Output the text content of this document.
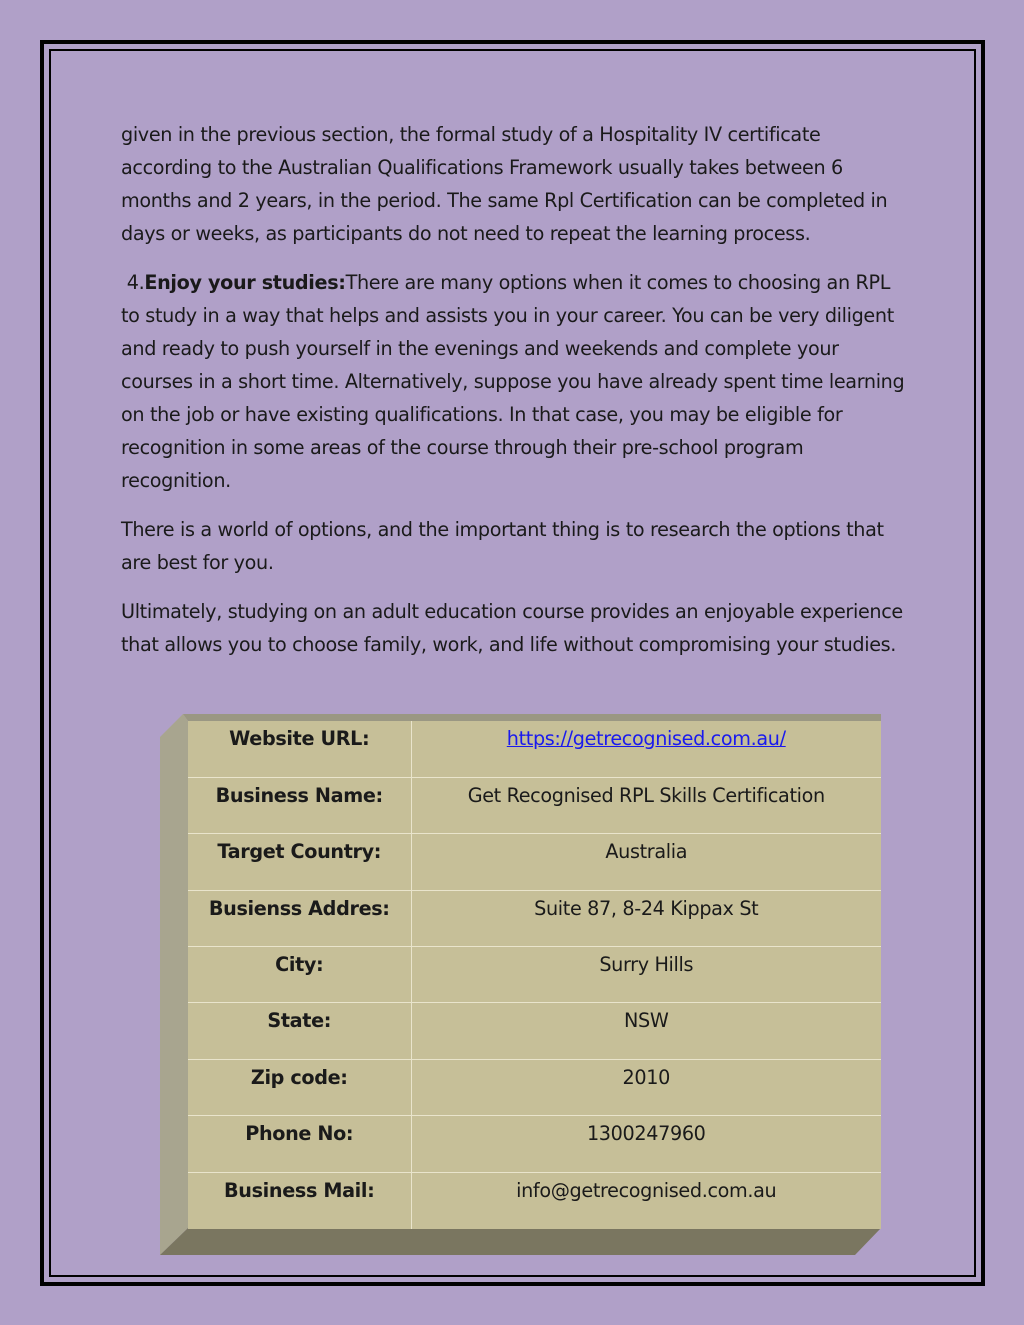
given in the previous section, the formal study of a Hospitality IV certificate according to the Australian Qualifications Framework usually takes between 6 months and 2 years, in the period. The same Rpl Certification can be completed in days or weeks, as participants do not need to repeat the learning process.

4.Enjoy your studies:There are many options when it comes to choosing an RPL to study in a way that helps and assists you in your career. You can be very diligent and ready to push yourself in the evenings and weekends and complete your courses in a short time. Alternatively, suppose you have already spent time learning on the job or have existing qualifications. In that case, you may be eligible for recognition in some areas of the course through their pre-school program recognition.

There is a world of options, and the important thing is to research the options that are best for you.

Ultimately, studying on an adult education course provides an enjoyable experience that allows you to choose family, work, and life without compromising your studies.

Website URL:	https://getrecognised.com.au/
Business Name:	Get Recognised RPL Skills Certification
Target Country:	Australia
Busienss Addres:	Suite 87, 8-24 Kippax St
City:	Surry Hills
State:	NSW
Zip code:	2010
Phone No:	1300247960
Business Mail:	info@getrecognised.com.au
